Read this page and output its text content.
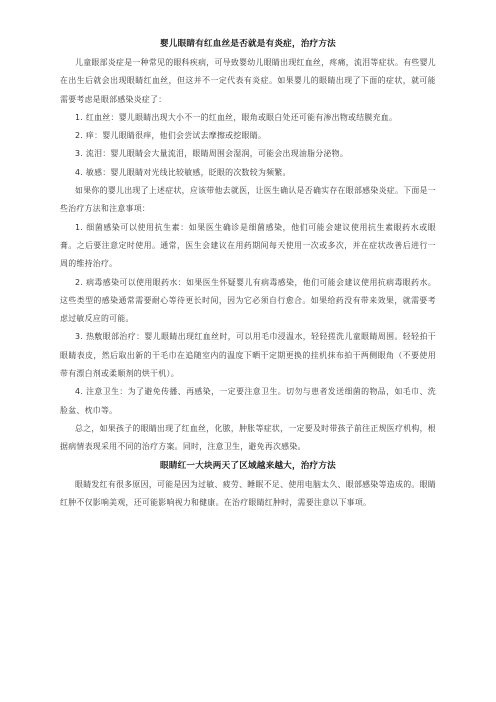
婴儿眼睛有红血丝是否就是有炎症，治疗方法

儿童眼部炎症是一种常见的眼科疾病，可导致婴幼儿眼睛出现红血丝，疼痛，流泪等症状。有些婴儿在出生后就会出现眼睛红血丝，但这并不一定代表有炎症。如果婴儿的眼睛出现了下面的症状，就可能需要考虑是眼部感染炎症了：

1. 红血丝：婴儿眼睛出现大小不一的红血丝，眼角或眼白处还可能有渗出物或结膜充血。

2. 痒：婴儿眼睛很痒，他们会尝试去摩擦或挖眼睛。

3. 流泪：婴儿眼睛会大量流泪，眼睛周围会湿润，可能会出现油脂分泌物。

4. 敏感：婴儿眼睛对光线比较敏感，眨眼的次数较为频繁。

如果你的婴儿出现了上述症状，应该带他去就医，让医生确认是否确实存在眼部感染炎症。下面是一些治疗方法和注意事项：

1. 细菌感染可以使用抗生素：如果医生确诊是细菌感染，他们可能会建议使用抗生素眼药水或眼膏。之后要注意定时使用。通常，医生会建议在用药期间每天使用一次或多次，并在症状改善后进行一周的维持治疗。

2. 病毒感染可以使用眼药水：如果医生怀疑婴儿有病毒感染，他们可能会建议使用抗病毒眼药水。这些类型的感染通常需要耐心等待更长时间，因为它必须自行愈合。如果给药没有带来效果，就需要考虑过敏反应的可能。

3. 热敷眼部治疗：婴儿眼睛出现红血丝时，可以用毛巾浸温水，轻轻搓洗儿童眼睛周围。轻轻拍干眼睛表皮，然后取出新的干毛巾在追随室内的温度下晒干定期更换的挂机抹布拍干两侧眼角（不要使用带有漂白剂或柔顺剂的烘干机）。

4. 注意卫生：为了避免传播、再感染，一定要注意卫生。切勿与患者发送细菌的物品，如毛巾、洗脸盆、枕巾等。

总之，如果孩子的眼睛出现了红血丝，化脓，肿胀等症状，一定要及时带孩子前往正规医疗机构，根据病情表现采用不同的治疗方案。同时，注意卫生，避免再次感染。

眼睛红一大块两天了区域越来越大，治疗方法

眼睛发红有很多原因，可能是因为过敏、疲劳、睡眠不足、使用电脑太久、眼部感染等造成的。眼睛红肿不仅影响美观，还可能影响视力和健康。在治疗眼睛红肿时，需要注意以下事项。
